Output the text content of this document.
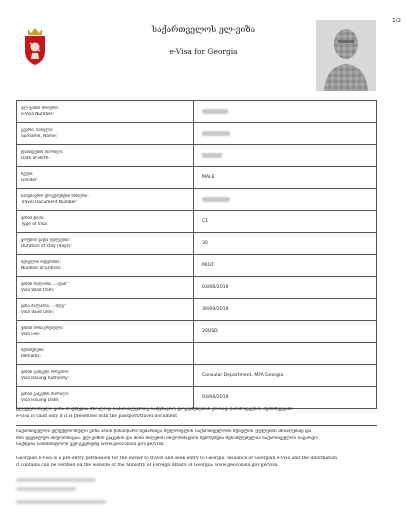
1/2
საქართველოს ელ-ვიზა
e-Visa for Georgia
ელ-ვიზის ნომერი:
e-Visa Number:	

გვარი, სახელი:
Surname, Name:	

დაბადების თარიღი:
Date of Birth:	

სქესი:
Gender:	MALE

სამგზავრო დოკუმენტის ნომერი:
Travel Document Number:	

ვიზის ტიპი:
Type of Visa:	C1

ყოფნის ვადა (დღეები):
Duration of stay (days):	30

შესვლის ოდენობა:
Number of Entries:	MULT

ვიზის ძალაშია ...-დან"
Visa Valid from:	03/06/2019

ვიზა ძალაშია ...-მდე"
Visa Valid until:	30/09/2019

ვიზის მოსაკრებელი:
Visa Fee:	20USD

შენიშვნები:
Remarks:	

ვიზის გამცემი ორგანო:
Visa Issuing Authority:	Consular Department, MFA Georgia

ვიზის გაცემის თარიღი:
Visa Issuing Date:	03/06/2019
ელექტრონული ვიზა მოქმედია მხოლოდ სამართლებრივ სამგზავრო დოკუმენტთან ერთად წარმოდგენის შემთხვევაში
e-Visa is valid only if it is presented with the passport/travel document
საქართველოს ელექტრონული ვიზა არის წინასწარი ნებართვა მფლობელის საქართველოში შესვლის უფლების მისაღებად და
მის დეტალურ ინფორმაცია. ელ-ვიზის გაცემის და მისი მიღების ინფორმაციის შემოწმება შესაძლებელია საქართველოს საგარეო
საქმეთა სამინისტროს ვებ-გვერდზე www.geoconsul.gov.ge/Visa
Georgian e-Visa is a pre-entry permission for the owner to travel and seek entry to Georgia. Issuance of Georgian e-Visa and the information
it contains can be verified on the website of the Ministry of Foreign Affairs of Georgia: www.geoconsul.gov.ge/Visa
